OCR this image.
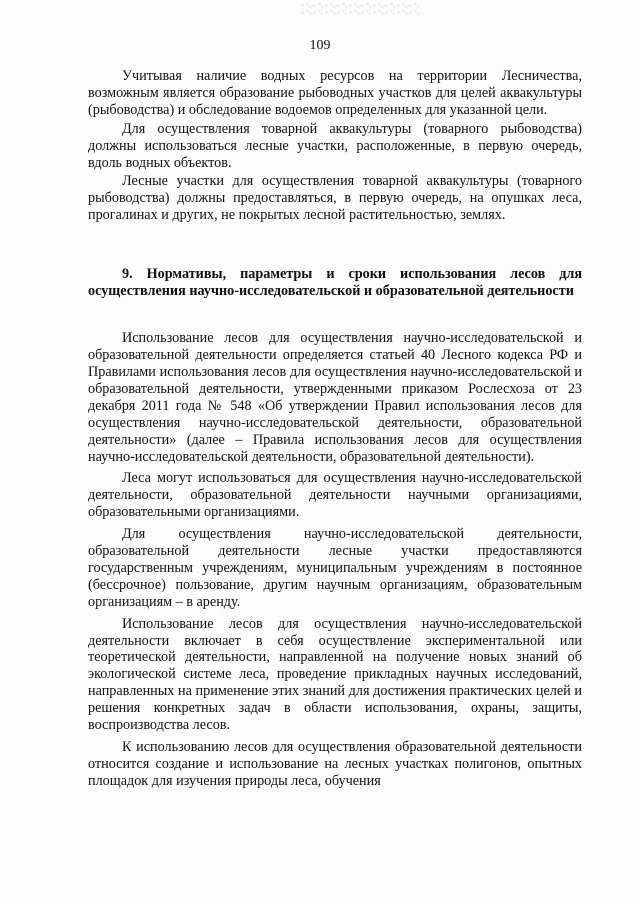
109

Учитывая наличие водных ресурсов на территории Лесничества, возможным является образование рыбоводных участков для целей аквакультуры (рыбоводства) и обследование водоемов определенных для указанной цели.

Для осуществления товарной аквакультуры (товарного рыбоводства) должны использоваться лесные участки, расположенные, в первую очередь, вдоль водных объектов.

Лесные участки для осуществления товарной аквакультуры (товарного рыбоводства) должны предоставляться, в первую очередь, на опушках леса, прогалинах и других, не покрытых лесной растительностью, землях.

9. Нормативы, параметры и сроки использования лесов для осуществления научно-исследовательской и образовательной деятельности

Использование лесов для осуществления научно-исследовательской и образовательной деятельности определяется статьей 40 Лесного кодекса РФ и Правилами использования лесов для осуществления научно-исследовательской и образовательной деятельности, утвержденными приказом Рослесхоза от 23 декабря 2011 года № 548 «Об утверждении Правил использования лесов для осуществления научно-исследовательской деятельности, образовательной деятельности» (далее – Правила использования лесов для осуществления научно-исследовательской деятельности, образовательной деятельности).

Леса могут использоваться для осуществления научно-исследовательской деятельности, образовательной деятельности научными организациями, образовательными организациями.

Для осуществления научно-исследовательской деятельности, образовательной деятельности лесные участки предоставляются государственным учреждениям, муниципальным учреждениям в постоянное (бессрочное) пользование, другим научным организациям, образовательным организациям – в аренду.

Использование лесов для осуществления научно-исследовательской деятельности включает в себя осуществление экспериментальной или теоретической деятельности, направленной на получение новых знаний об экологической системе леса, проведение прикладных научных исследований, направленных на применение этих знаний для достижения практических целей и решения конкретных задач в области использования, охраны, защиты, воспроизводства лесов.

К использованию лесов для осуществления образовательной деятельности относится создание и использование на лесных участках полигонов, опытных площадок для изучения природы леса, обучения
